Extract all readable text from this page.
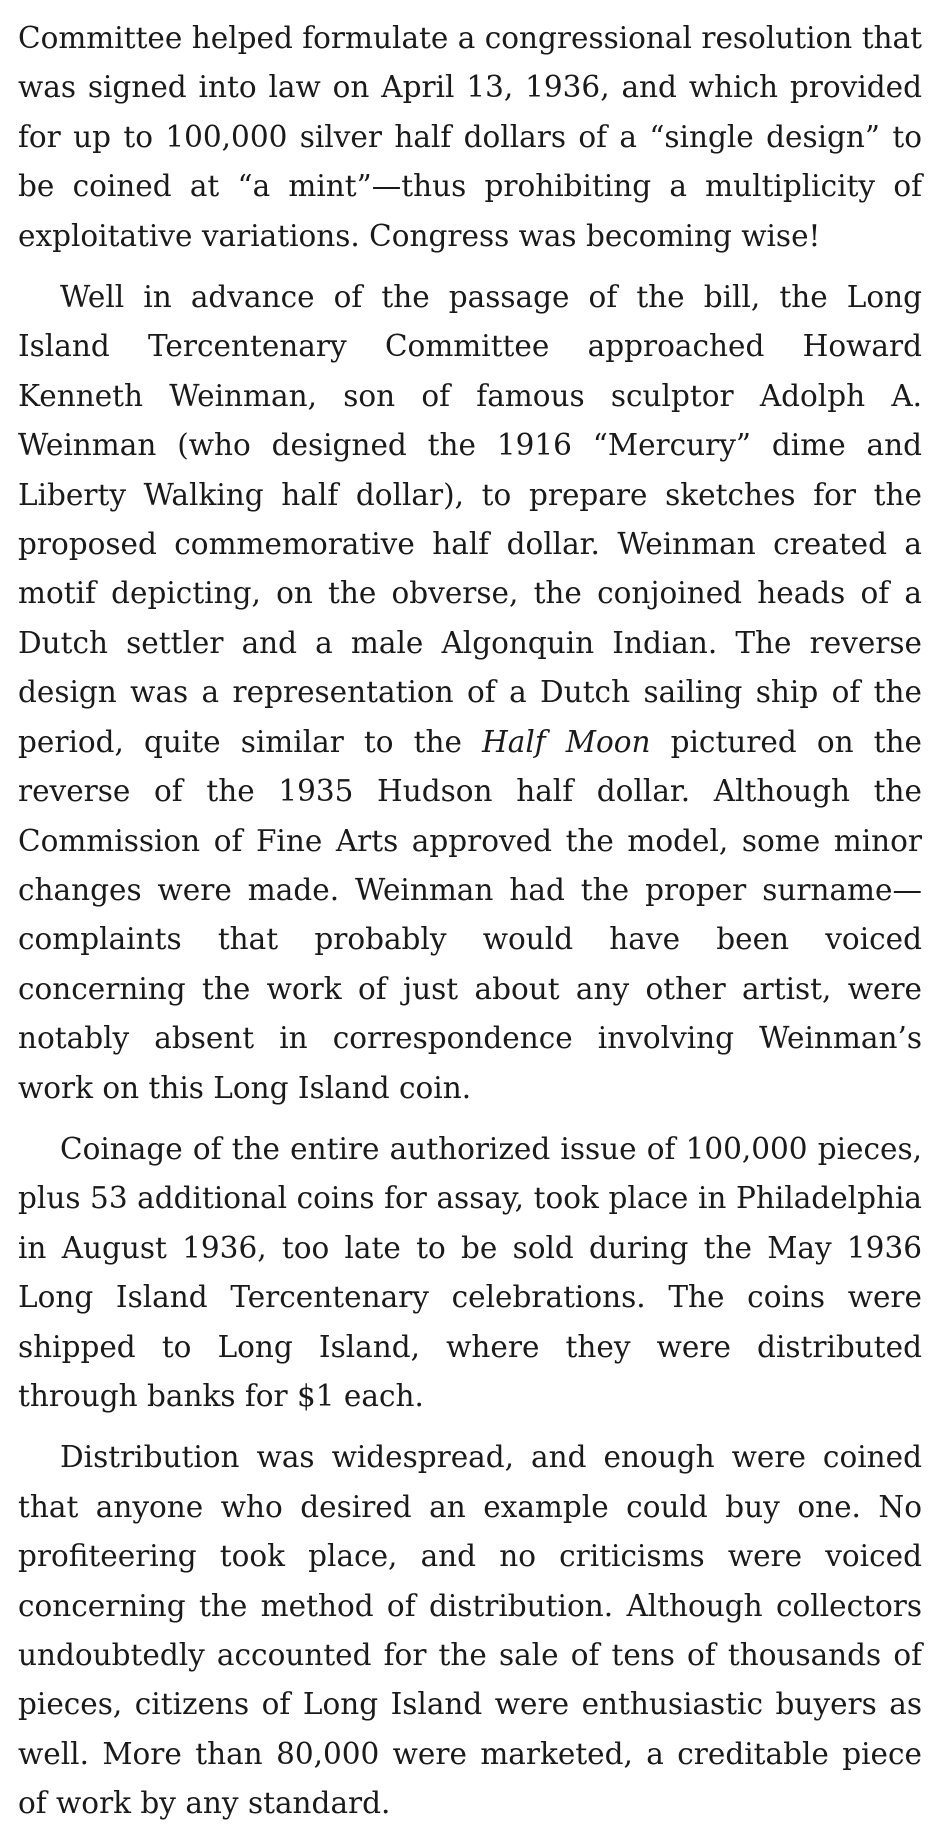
Committee helped formulate a congressional resolution that was signed into law on April 13, 1936, and which provided for up to 100,000 silver half dollars of a “single design” to be coined at “a mint”—thus prohibiting a multiplicity of exploitative variations. Congress was becoming wise!

Well in advance of the passage of the bill, the Long Island Tercentenary Committee approached Howard Kenneth Weinman, son of famous sculptor Adolph A. Weinman (who designed the 1916 “Mercury” dime and Liberty Walking half dollar), to prepare sketches for the proposed commemorative half dollar. Weinman created a motif depicting, on the obverse, the conjoined heads of a Dutch settler and a male Algonquin Indian. The reverse design was a representation of a Dutch sailing ship of the period, quite similar to the Half Moon pictured on the reverse of the 1935 Hudson half dollar. Although the Commission of Fine Arts approved the model, some minor changes were made. Weinman had the proper surname—complaints that probably would have been voiced concerning the work of just about any other artist, were notably absent in correspondence involving Weinman’s work on this Long Island coin.

Coinage of the entire authorized issue of 100,000 pieces, plus 53 additional coins for assay, took place in Philadelphia in August 1936, too late to be sold during the May 1936 Long Island Tercentenary celebrations. The coins were shipped to Long Island, where they were distributed through banks for $1 each.

Distribution was widespread, and enough were coined that anyone who desired an example could buy one. No profiteering took place, and no criticisms were voiced concerning the method of distribution. Although collectors undoubtedly accounted for the sale of tens of thousands of pieces, citizens of Long Island were enthusiastic buyers as well. More than 80,000 were marketed, a creditable piece of work by any standard.
